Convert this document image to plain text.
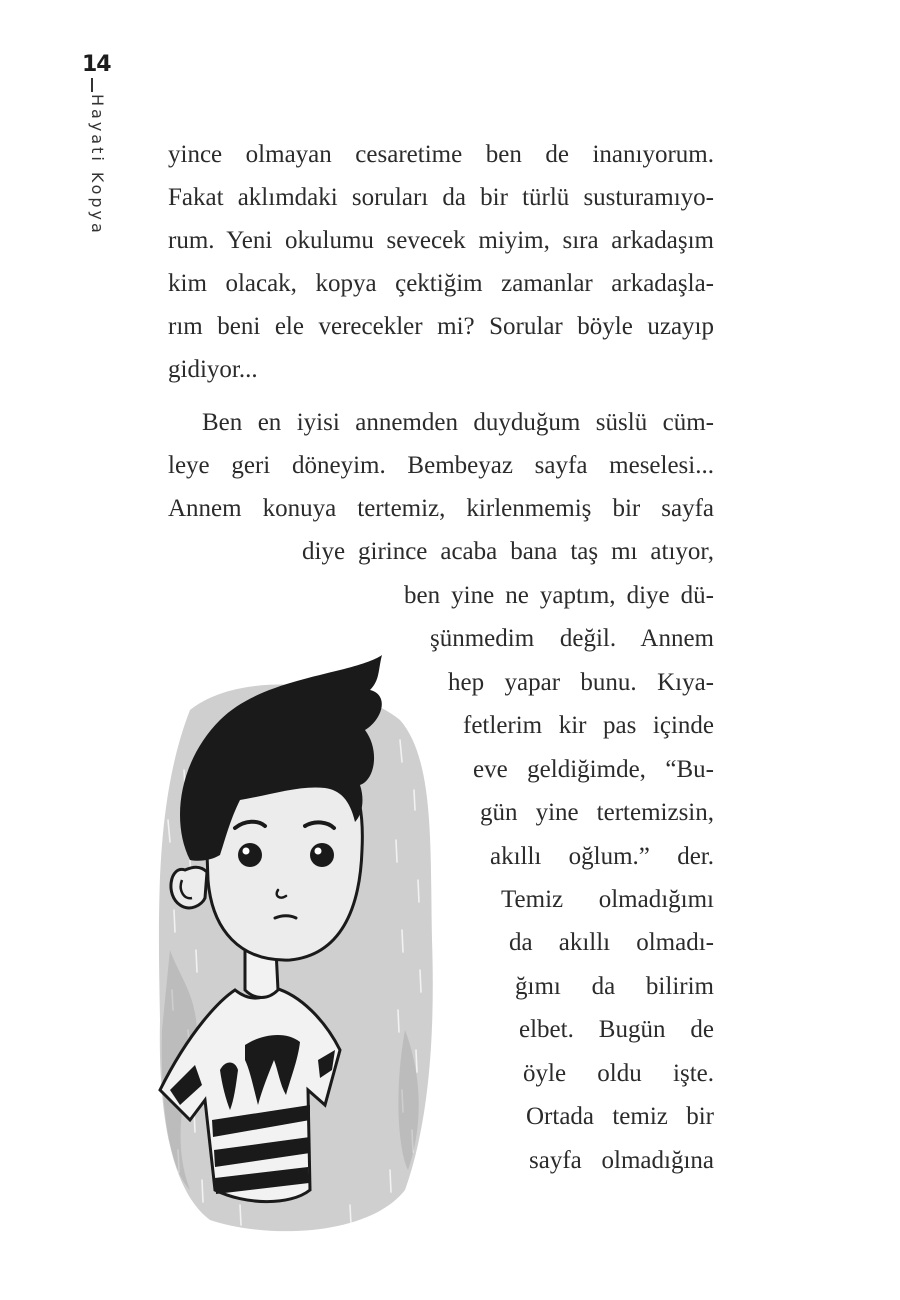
14
Hayati Kopya yince olmayan cesaretime ben de inanıyorum.
Fakat aklımdaki soruları da bir türlü susturamıyo-
rum. Yeni okulumu sevecek miyim, sıra arkadaşım
kim olacak, kopya çektiğim zamanlar arkadaşla-
rım beni ele verecekler mi? Sorular böyle uzayıp
gidiyor...
Ben en iyisi annemden duyduğum süslü cüm-
leye geri döneyim. Bembeyaz sayfa meselesi...
Annem konuya tertemiz, kirlenmemiş bir sayfa
diye girince acaba bana taş mı atıyor,
ben yine ne yaptım, diye dü-
şünmedim değil. Annem
hep yapar bunu. Kıya-
fetlerim kir pas içinde
eve geldiğimde, “Bu-
gün yine tertemizsin,
akıllı oğlum.” der.
Temiz olmadığımı
da akıllı olmadı-
ğımı da bilirim
elbet. Bugün de
öyle oldu işte.
Ortada temiz bir
sayfa olmadığına
